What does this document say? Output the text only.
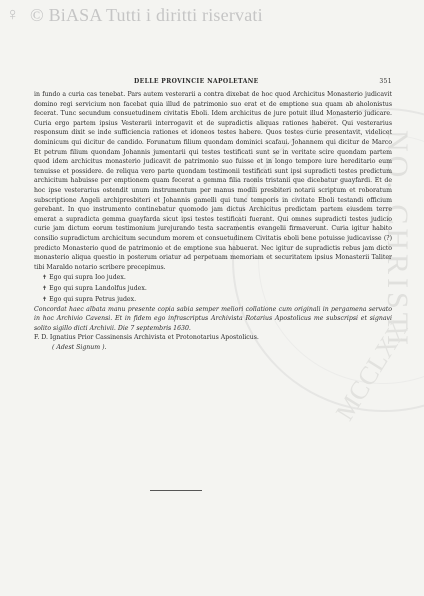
♀ © BiASA Tutti i diritti riservati
NO. CHRISTI
MCCLXX
DELLE PROVINCIE NAPOLETANE	351

in fundo a curia cas tenebat. Pars autem vesterarii a contra dixebat de hoc quod Archicitus Monasterio judicavit domino regi servicium non facebat quia illud de patrimonio suo erat et de emptione sua quam ab aholonistus fecerat. Tunc secundum consuetudinem civitatis Eboli. Idem archicitus de jure potuit illud Monasterio judicare. Curia ergo partem ipsius Vesterarii interrogavit et de supradictis aliquas rationes haberet. Qui vesterarius responsum dixit se inde sufficiencia rationes et idoneos testes habere. Quos testes curie presentavit, videlicet dominicum qui dicitur de candido. Forunatum filium quondam dominici scafaui. Johannem qui dicitur de Marco Et petrum filium quondam Johannis jumentarii qui testes testificati sunt se in veritate scire quondam partem quod idem archicitus monasterio judicavit de patrimonio suo fuisse et in longo tempore iure hereditario eum tenuisse et possidere. de reliqua vero parte quondam testimonii testificati sunt ipsi supradicti testes predictum archicitum habuisse per emptionem quam fecerat a gemma filia raonis tristanii que dicebatur guayfardi. Et de hoc ipse vesterarius ostendit unum instrumentum per manus modili presbiteri notarii scriptum et roboratum subscriptione Angeli archipresbiteri et Johannis gamelli qui tunc temporis in civitate Eboli testandi officium gerebant. In quo instrumento continebatur quomodo jam dictus Archicitus predictam partem eiusdem terre emerat a supradicta gemma guayfarda sicut ipsi testes testificati fuerant. Qui omnes supradicti testes judicio curie jam dictum eorum testimonium jurejurando testa sacramentis evangelii firmaverunt. Curia igitur habito consilio supradictum archicitum secundum morem et consuetudinem Civitatis eboli bene potuisse judicavisse (?) predicto Monasterio quod de patrimonio et de emptione sua habuerat. Nec igitur de supradictis rebus jam dicto monasterio aliqua questio in posterum oriatur ad perpetuam memoriam et securitatem ipsius Monasterii Taliter tibi Maraldo notario scribere precepimus.

✝ Ego qui supra Ioo judex.
✝ Ego qui supra Landolfus judex.
✝ Ego qui supra Petrus judex.

Concordat haec albata manu presente copia sabia semper meliori collatione cum originali in pergamena servato in hoc Archivio Cavensi. Et in fidem ego infrascriptus Archivista Rotarius Apostolicus me subscripsi et signavi solito sigillo dicti Archivii. Die 7 septembris 1630.

F. D. Ignatius Prior Cassinensis Archivista et Protonotarius Apostolicus.

( Adest Signum ).
